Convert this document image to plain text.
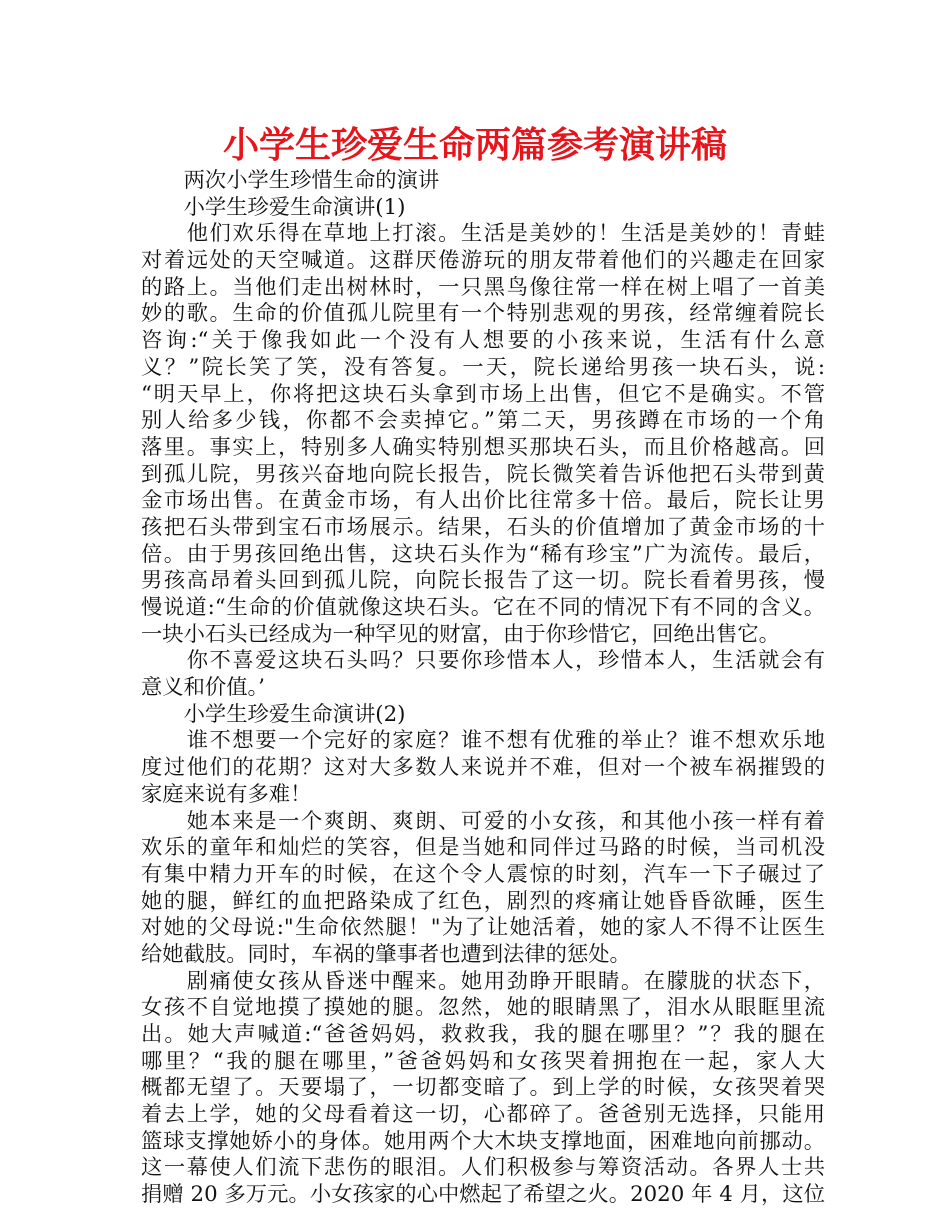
小学生珍爱生命两篇参考演讲稿
　　两次小学生珍惜生命的演讲
　　小学生珍爱生命演讲(1)
　　他们欢乐得在草地上打滚。生活是美妙的！生活是美妙的！青蛙
对着远处的天空喊道。这群厌倦游玩的朋友带着他们的兴趣走在回家
的路上。当他们走出树林时，一只黑鸟像往常一样在树上唱了一首美
妙的歌。生命的价值孤儿院里有一个特别悲观的男孩，经常缠着院长
咨询:“关于像我如此一个没有人想要的小孩来说，生活有什么意
义？”院长笑了笑，没有答复。一天，院长递给男孩一块石头，说:
“明天早上，你将把这块石头拿到市场上出售，但它不是确实。不管
别人给多少钱，你都不会卖掉它。”第二天，男孩蹲在市场的一个角
落里。事实上，特别多人确实特别想买那块石头，而且价格越高。回
到孤儿院，男孩兴奋地向院长报告，院长微笑着告诉他把石头带到黄
金市场出售。在黄金市场，有人出价比往常多十倍。最后，院长让男
孩把石头带到宝石市场展示。结果，石头的价值增加了黄金市场的十
倍。由于男孩回绝出售，这块石头作为“稀有珍宝”广为流传。最后，
男孩高昂着头回到孤儿院，向院长报告了这一切。院长看着男孩，慢
慢说道:“生命的价值就像这块石头。它在不同的情况下有不同的含义。
一块小石头已经成为一种罕见的财富，由于你珍惜它，回绝出售它。
　　你不喜爱这块石头吗？只要你珍惜本人，珍惜本人，生活就会有
意义和价值。’
　　小学生珍爱生命演讲(2)
　　谁不想要一个完好的家庭？谁不想有优雅的举止？谁不想欢乐地
度过他们的花期？这对大多数人来说并不难，但对一个被车祸摧毁的
家庭来说有多难！
　　她本来是一个爽朗、爽朗、可爱的小女孩，和其他小孩一样有着
欢乐的童年和灿烂的笑容，但是当她和同伴过马路的时候，当司机没
有集中精力开车的时候，在这个令人震惊的时刻，汽车一下子碾过了
她的腿，鲜红的血把路染成了红色，剧烈的疼痛让她昏昏欲睡，医生
对她的父母说:"生命依然腿！"为了让她活着，她的家人不得不让医生
给她截肢。同时，车祸的肇事者也遭到法律的惩处。
　　剧痛使女孩从昏迷中醒来。她用劲睁开眼睛。在朦胧的状态下，
女孩不自觉地摸了摸她的腿。忽然，她的眼睛黑了，泪水从眼眶里流
出。她大声喊道:“爸爸妈妈，救救我，我的腿在哪里？”？我的腿在
哪里？“我的腿在哪里，”爸爸妈妈和女孩哭着拥抱在一起，家人大
概都无望了。天要塌了，一切都变暗了。到上学的时候，女孩哭着哭
着去上学，她的父母看着这一切，心都碎了。爸爸别无选择，只能用
篮球支撑她娇小的身体。她用两个大木块支撑地面，困难地向前挪动。
这一幕使人们流下悲伤的眼泪。人们积极参与筹资活动。各界人士共
捐赠 20 多万元。小女孩家的心中燃起了希望之火。2020 年 4 月，这位
